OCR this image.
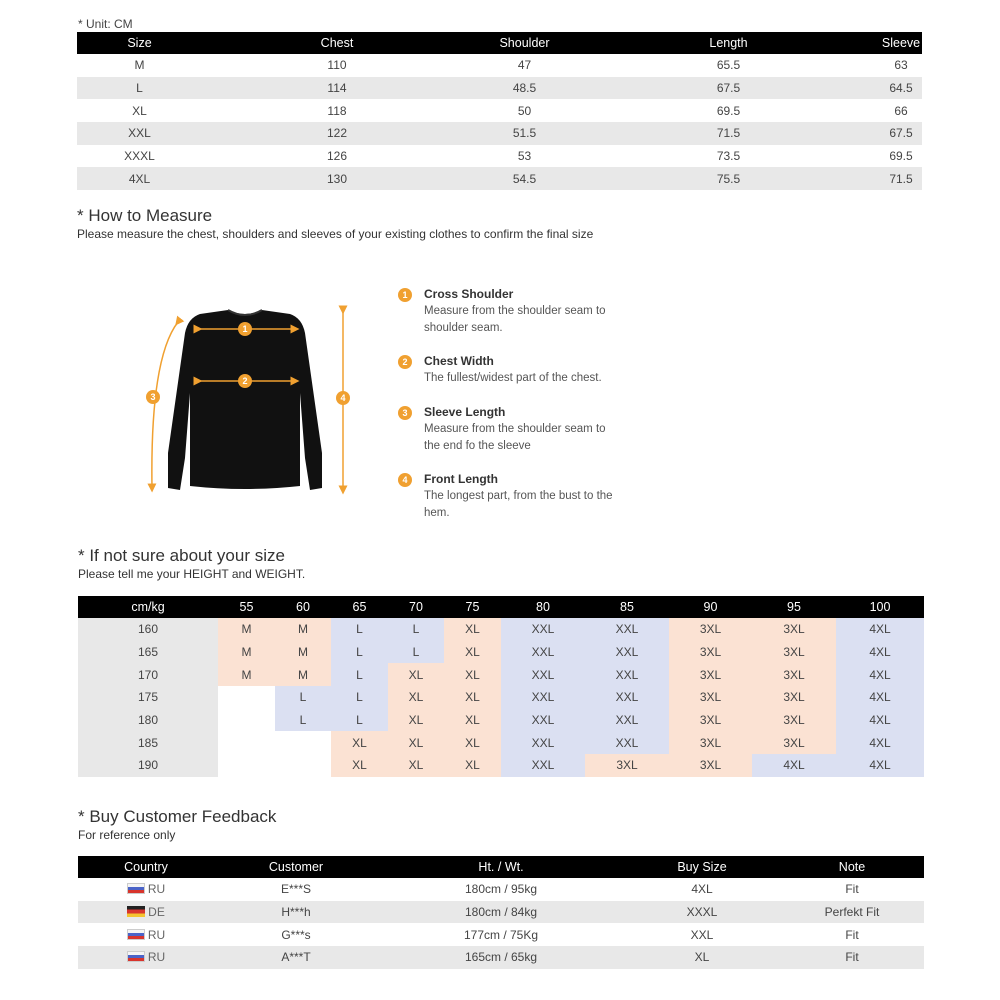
* Unit: CM
Size	Chest	Shoulder	Length	Sleeve
M	110	47	65.5	63
L	114	48.5	67.5	64.5
XL	118	50	69.5	66
XXL	122	51.5	71.5	67.5
XXXL	126	53	73.5	69.5
4XL	130	54.5	75.5	71.5
* How to Measure
Please measure the chest, shoulders and sleeves of your existing clothes to confirm the final size
1
2
3	4
1	Cross Shoulder
Measure from the shoulder seam to shoulder seam.
2	Chest Width
The fullest/widest part of the chest.
3	Sleeve Length
Measure from the shoulder seam to the end fo the sleeve
4	Front Length
The longest part, from the bust to the hem.
* If not sure about your size
Please tell me your HEIGHT and WEIGHT.
cm/kg	55	60	65	70	75	80	85	90	95	100
160	M	M	L	L	XL	XXL	XXL	3XL	3XL	4XL
165	M	M	L	L	XL	XXL	XXL	3XL	3XL	4XL
170	M	M	L	XL	XL	XXL	XXL	3XL	3XL	4XL
175		L	L	XL	XL	XXL	XXL	3XL	3XL	4XL
180		L	L	XL	XL	XXL	XXL	3XL	3XL	4XL
185			XL	XL	XL	XXL	XXL	3XL	3XL	4XL
190			XL	XL	XL	XXL	3XL	3XL	4XL	4XL
* Buy Customer Feedback
For reference only
Country	Customer	Ht. / Wt.	Buy Size	Note
RU	E***S	180cm / 95kg	4XL	Fit
DE	H***h	180cm / 84kg	XXXL	Perfekt Fit
RU	G***s	177cm / 75Kg	XXL	Fit
RU	A***T	165cm / 65kg	XL	Fit
